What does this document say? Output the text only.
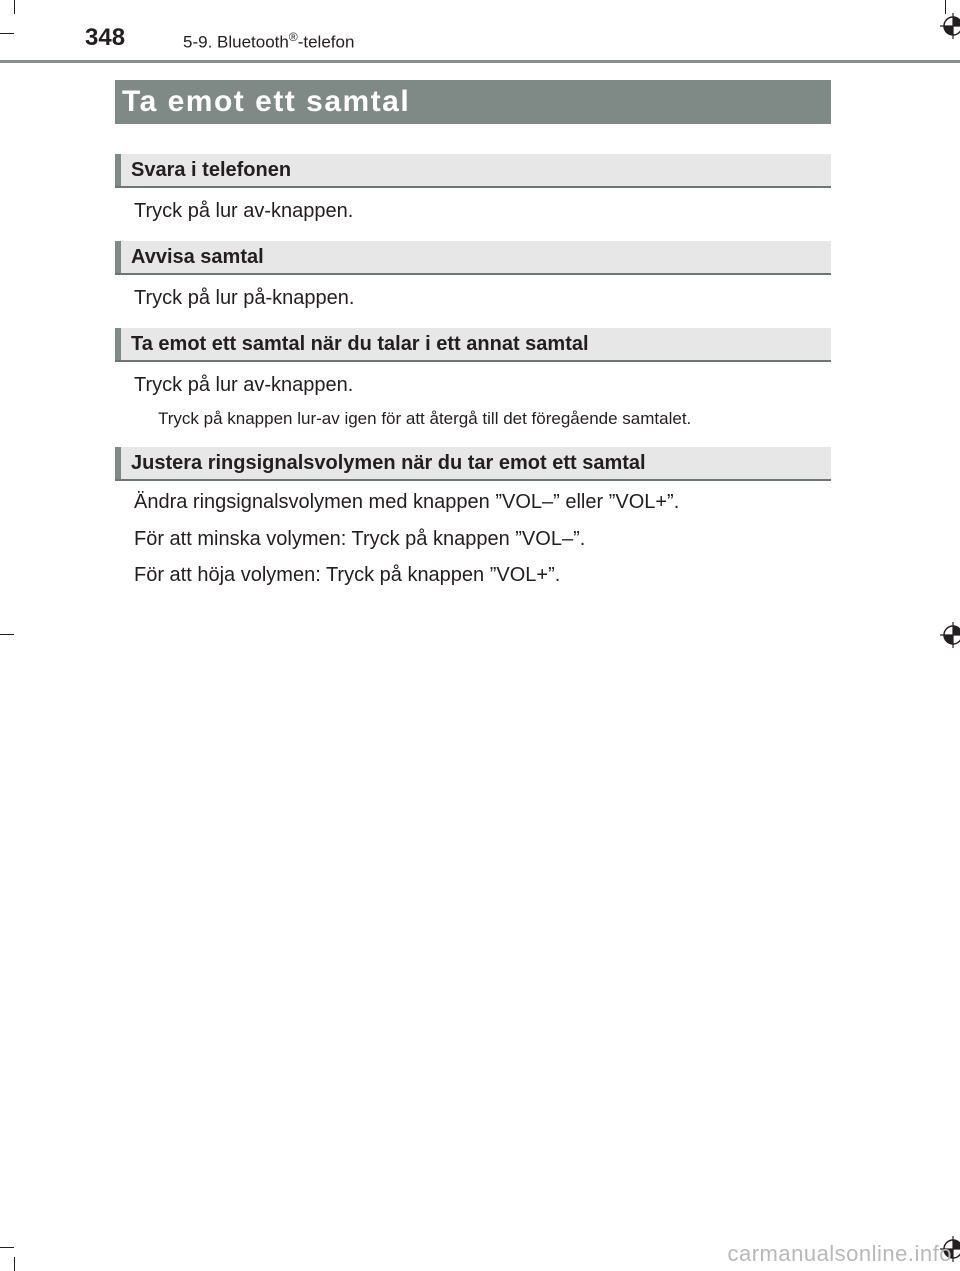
348	5-9. Bluetooth®-telefon
Ta emot ett samtal
Svara i telefonen
Tryck på lur av-knappen.
Avvisa samtal
Tryck på lur på-knappen.
Ta emot ett samtal när du talar i ett annat samtal
Tryck på lur av-knappen.
Tryck på knappen lur-av igen för att återgå till det föregående samtalet.
Justera ringsignalsvolymen när du tar emot ett samtal
Ändra ringsignalsvolymen med knappen ”VOL–” eller ”VOL+”.
För att minska volymen: Tryck på knappen ”VOL–”.
För att höja volymen: Tryck på knappen ”VOL+”.
carmanualsonline.info
